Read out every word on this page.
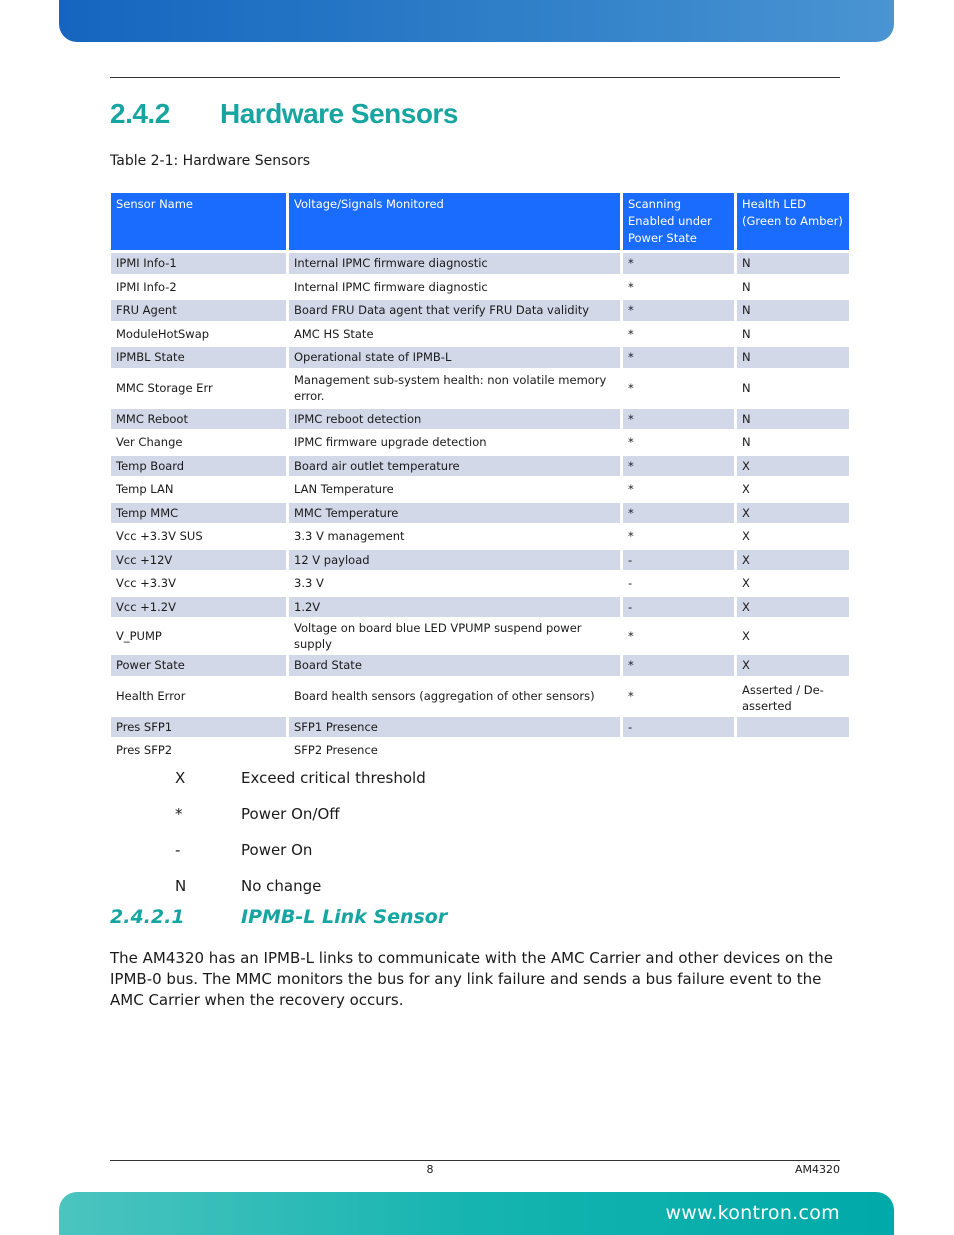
2.4.2	Hardware Sensors
Table 2-1: Hardware Sensors
Sensor Name	Voltage/Signals Monitored	Scanning Enabled under Power State	Health LED (Green to Amber)
IPMI Info-1	Internal IPMC firmware diagnostic	*	N
IPMI Info-2	Internal IPMC firmware diagnostic	*	N
FRU Agent	Board FRU Data agent that verify FRU Data validity	*	N
ModuleHotSwap	AMC HS State	*	N
IPMBL State	Operational state of IPMB-L	*	N
MMC Storage Err	Management sub-system health: non volatile memory error.	*	N
MMC Reboot	IPMC reboot detection	*	N
Ver Change	IPMC firmware upgrade detection	*	N
Temp Board	Board air outlet temperature	*	X
Temp LAN	LAN Temperature	*	X
Temp MMC	MMC Temperature	*	X
Vcc +3.3V SUS	3.3 V management	*	X
Vcc +12V	12 V payload	-	X
Vcc +3.3V	3.3 V	-	X
Vcc +1.2V	1.2V	-	X
V_PUMP	Voltage on board blue LED VPUMP suspend power supply	*	X
Power State	Board State	*	X
Health Error	Board health sensors (aggregation of other sensors)	*	Asserted / De-asserted
Pres SFP1	SFP1 Presence	-	
Pres SFP2	SFP2 Presence		
X	Exceed critical threshold
*	Power On/Off
-	Power On
N	No change
2.4.2.1	IPMB-L Link Sensor

The AM4320 has an IPMB-L links to communicate with the AMC Carrier and other devices on the IPMB-0 bus. The MMC monitors the bus for any link failure and sends a bus failure event to the AMC Carrier when the recovery occurs.

8	AM4320
www.kontron.com
